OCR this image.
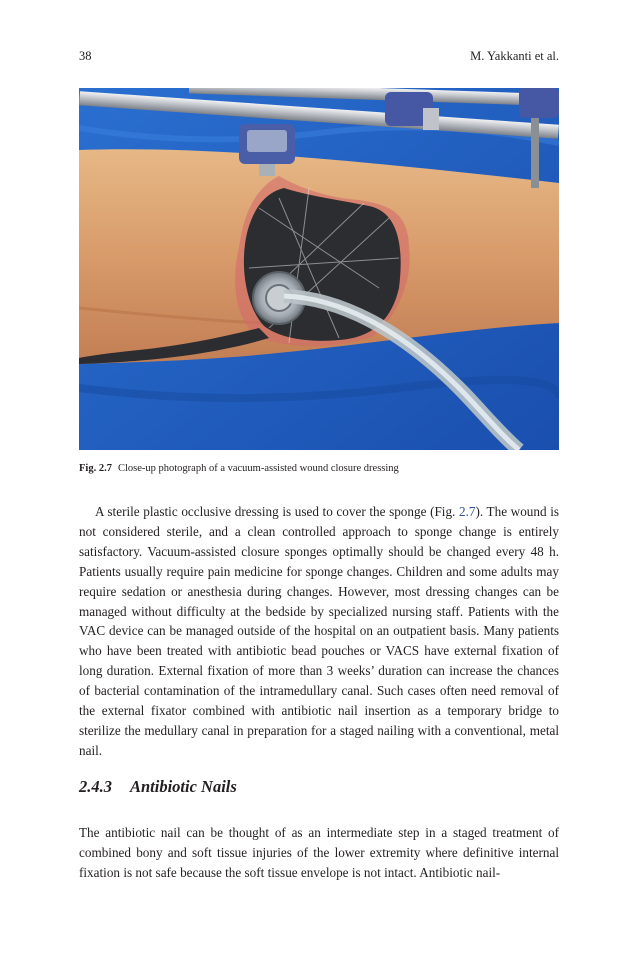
38	M. Yakkanti et al.
Fig. 2.7 Close-up photograph of a vacuum-assisted wound closure dressing

A sterile plastic occlusive dressing is used to cover the sponge (Fig. 2.7). The wound is not considered sterile, and a clean controlled approach to sponge change is entirely satisfactory. Vacuum-assisted closure sponges optimally should be changed every 48 h. Patients usually require pain medicine for sponge changes. Children and some adults may require sedation or anesthesia during changes. However, most dressing changes can be managed without difficulty at the bedside by specialized nursing staff. Patients with the VAC device can be managed outside of the hospital on an outpatient basis. Many patients who have been treated with antibiotic bead pouches or VACS have external fixation of long duration. External fixation of more than 3 weeks’ duration can increase the chances of bacterial contamination of the intramedullary canal. Such cases often need removal of the external fixator combined with antibiotic nail insertion as a temporary bridge to sterilize the medullary canal in preparation for a staged nailing with a conventional, metal nail.

2.4.3 Antibiotic Nails

The antibiotic nail can be thought of as an intermediate step in a staged treatment of combined bony and soft tissue injuries of the lower extremity where definitive internal fixation is not safe because the soft tissue envelope is not intact. Antibiotic nail-
